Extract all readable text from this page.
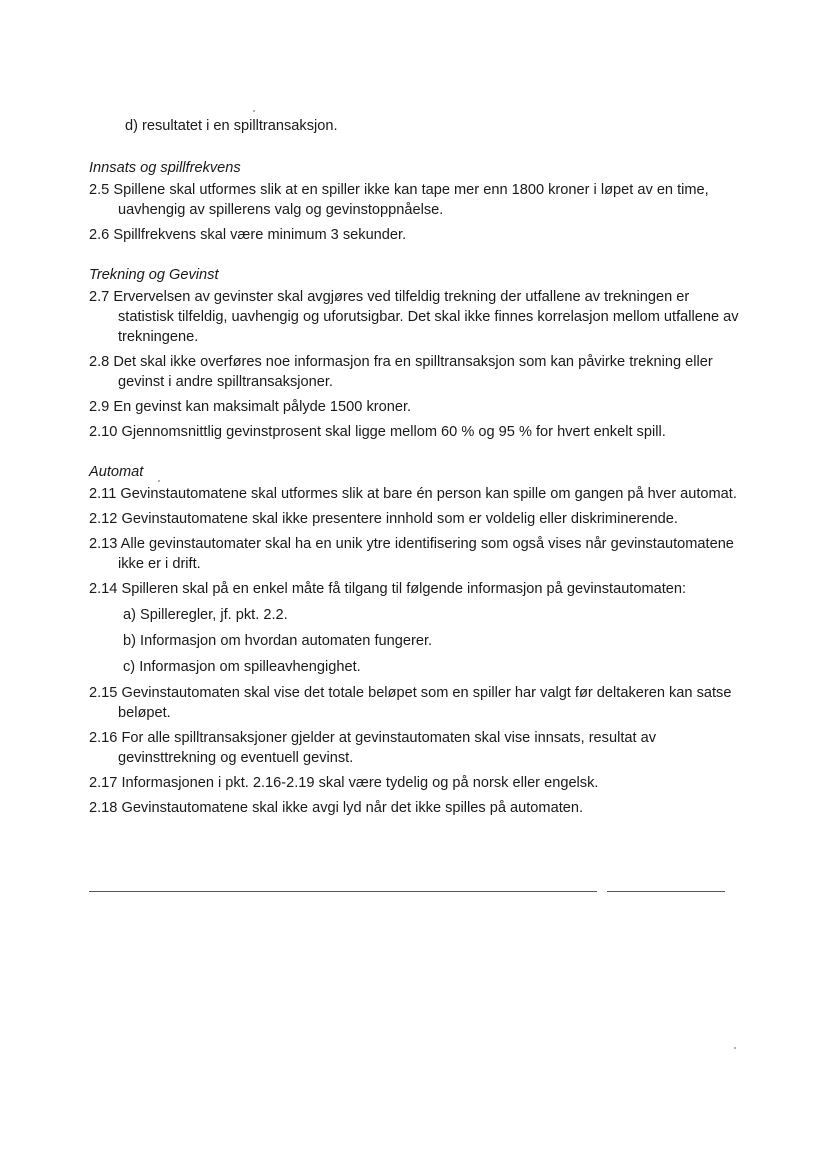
d) resultatet i en spilltransaksjon.
Innsats og spillfrekvens
2.5 Spillene skal utformes slik at en spiller ikke kan tape mer enn 1800 kroner i løpet av en time, uavhengig av spillerens valg og gevinstoppnåelse.
2.6 Spillfrekvens skal være minimum 3 sekunder.
Trekning og Gevinst
2.7 Ervervelsen av gevinster skal avgjøres ved tilfeldig trekning der utfallene av trekningen er statistisk tilfeldig, uavhengig og uforutsigbar. Det skal ikke finnes korrelasjon mellom utfallene av trekningene.
2.8 Det skal ikke overføres noe informasjon fra en spilltransaksjon som kan påvirke trekning eller gevinst i andre spilltransaksjoner.
2.9 En gevinst kan maksimalt pålyde 1500 kroner.
2.10 Gjennomsnittlig gevinstprosent skal ligge mellom 60 % og 95 % for hvert enkelt spill.
Automat
2.11 Gevinstautomatene skal utformes slik at bare én person kan spille om gangen på hver automat.
2.12 Gevinstautomatene skal ikke presentere innhold som er voldelig eller diskriminerende.
2.13 Alle gevinstautomater skal ha en unik ytre identifisering som også vises når gevinstautomatene ikke er i drift.
2.14 Spilleren skal på en enkel måte få tilgang til følgende informasjon på gevinstautomaten:
a) Spilleregler, jf. pkt. 2.2.
b) Informasjon om hvordan automaten fungerer.
c) Informasjon om spilleavhengighet.
2.15 Gevinstautomaten skal vise det totale beløpet som en spiller har valgt før deltakeren kan satse beløpet.
2.16 For alle spilltransaksjoner gjelder at gevinstautomaten skal vise innsats, resultat av gevinsttrekning og eventuell gevinst.
2.17 Informasjonen i pkt. 2.16-2.19 skal være tydelig og på norsk eller engelsk.
2.18 Gevinstautomatene skal ikke avgi lyd når det ikke spilles på automaten.
